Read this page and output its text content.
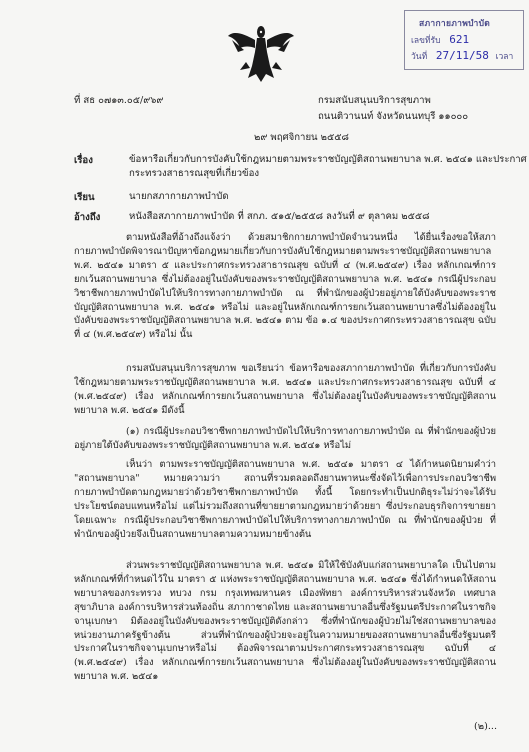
สภากายภาพบำบัด
เลขที่รับ 621
วันที่ 27/11/58 เวลา
ที่ สธ ๐๗๑๓.๐๕/๙๖๙	กรมสนับสนุนบริการสุขภาพ
ถนนติวานนท์ จังหวัดนนทบุรี ๑๑๐๐๐
๒๙ พฤศจิกายน ๒๕๕๘
เรื่อง	ข้อหารือเกี่ยวกับการบังคับใช้กฎหมายตามพระราชบัญญัติสถานพยาบาล พ.ศ. ๒๕๔๑ และประกาศ
กระทรวงสาธารณสุขที่เกี่ยวข้อง
เรียน	นายกสภากายภาพบำบัด
อ้างถึง	หนังสือสภากายภาพบำบัด ที่ สกภ. ๕๑๕/๒๕๕๘ ลงวันที่ ๙ ตุลาคม ๒๕๕๘

ตามหนังสือที่อ้างถึงแจ้งว่า ด้วยสมาชิกกายภาพบำบัดจำนวนหนึ่ง ได้ยื่นเรื่องขอให้สภากายภาพบำบัดพิจารณาปัญหาข้อกฎหมายเกี่ยวกับการบังคับใช้กฎหมายตามพระราชบัญญัติสถานพยาบาล พ.ศ. ๒๕๔๑ มาตรา ๕ และประกาศกระทรวงสาธารณสุข ฉบับที่ ๔ (พ.ศ.๒๕๔๙) เรื่อง หลักเกณฑ์การยกเว้นสถานพยาบาล ซึ่งไม่ต้องอยู่ในบังคับของพระราชบัญญัติสถานพยาบาล พ.ศ. ๒๕๔๑ กรณีผู้ประกอบวิชาชีพกายภาพบำบัดไปให้บริการทางกายภาพบำบัด ณ ที่พำนักของผู้ป่วยอยู่ภายใต้บังคับของพระราชบัญญัติสถานพยาบาล พ.ศ. ๒๕๔๑ หรือไม่ และอยู่ในหลักเกณฑ์การยกเว้นสถานพยาบาลซึ่งไม่ต้องอยู่ในบังคับของพระราชบัญญัติสถานพยาบาล พ.ศ. ๒๕๔๑ ตาม ข้อ ๑.๔ ของประกาศกระทรวงสาธารณสุข ฉบับที่ ๔ (พ.ศ.๒๕๔๙) หรือไม่ นั้น

กรมสนับสนุนบริการสุขภาพ ขอเรียนว่า ข้อหารือของสภากายภาพบำบัด ที่เกี่ยวกับการบังคับใช้กฎหมายตามพระราชบัญญัติสถานพยาบาล พ.ศ. ๒๕๔๑ และประกาศกระทรวงสาธารณสุข ฉบับที่ ๔ (พ.ศ.๒๕๔๙) เรื่อง หลักเกณฑ์การยกเว้นสถานพยาบาล ซึ่งไม่ต้องอยู่ในบังคับของพระราชบัญญัติสถานพยาบาล พ.ศ. ๒๕๔๑ มีดังนี้

(๑) กรณีผู้ประกอบวิชาชีพกายภาพบำบัดไปให้บริการทางกายภาพบำบัด ณ ที่พำนักของผู้ป่วยอยู่ภายใต้บังคับของพระราชบัญญัติสถานพยาบาล พ.ศ. ๒๕๔๑ หรือไม่

เห็นว่า ตามพระราชบัญญัติสถานพยาบาล พ.ศ. ๒๕๔๑ มาตรา ๔ ได้กำหนดนิยามคำว่า "สถานพยาบาล" หมายความว่า สถานที่รวมตลอดถึงยานพาหนะซึ่งจัดไว้เพื่อการประกอบวิชาชีพกายภาพบำบัดตามกฎหมายว่าด้วยวิชาชีพกายภาพบำบัด ทั้งนี้ โดยกระทำเป็นปกติธุระไม่ว่าจะได้รับประโยชน์ตอบแทนหรือไม่ แต่ไม่รวมถึงสถานที่ขายยาตามกฎหมายว่าด้วยยา ซึ่งประกอบธุรกิจการขายยาโดยเฉพาะ กรณีผู้ประกอบวิชาชีพกายภาพบำบัดไปให้บริการทางกายภาพบำบัด ณ ที่พำนักของผู้ป่วย ที่พำนักของผู้ป่วยจึงเป็นสถานพยาบาลตามความหมายข้างต้น

ส่วนพระราชบัญญัติสถานพยาบาล พ.ศ. ๒๕๔๑ มิให้ใช้บังคับแก่สถานพยาบาลใด เป็นไปตามหลักเกณฑ์ที่กำหนดไว้ใน มาตรา ๕ แห่งพระราชบัญญัติสถานพยาบาล พ.ศ. ๒๕๔๑ ซึ่งได้กำหนดให้สถานพยาบาลของกระทรวง ทบวง กรม กรุงเทพมหานคร เมืองพัทยา องค์การบริหารส่วนจังหวัด เทศบาล สุขาภิบาล องค์การบริหารส่วนท้องถิ่น สภากาชาดไทย และสถานพยาบาลอื่นซึ่งรัฐมนตรีประกาศในราชกิจจานุเบกษา มิต้องอยู่ในบังคับของพระราชบัญญัติดังกล่าว ซึ่งที่พำนักของผู้ป่วยไม่ใช่สถานพยาบาลของหน่วยงานภาครัฐข้างต้น ส่วนที่พำนักของผู้ป่วยจะอยู่ในความหมายของสถานพยาบาลอื่นซึ่งรัฐมนตรีประกาศในราชกิจจานุเบกษาหรือไม่ ต้องพิจารณาตามประกาศกระทรวงสาธารณสุข ฉบับที่ ๔ (พ.ศ.๒๕๔๙) เรื่อง หลักเกณฑ์การยกเว้นสถานพยาบาล ซึ่งไม่ต้องอยู่ในบังคับของพระราชบัญญัติสถานพยาบาล พ.ศ. ๒๕๔๑

(๒)...
